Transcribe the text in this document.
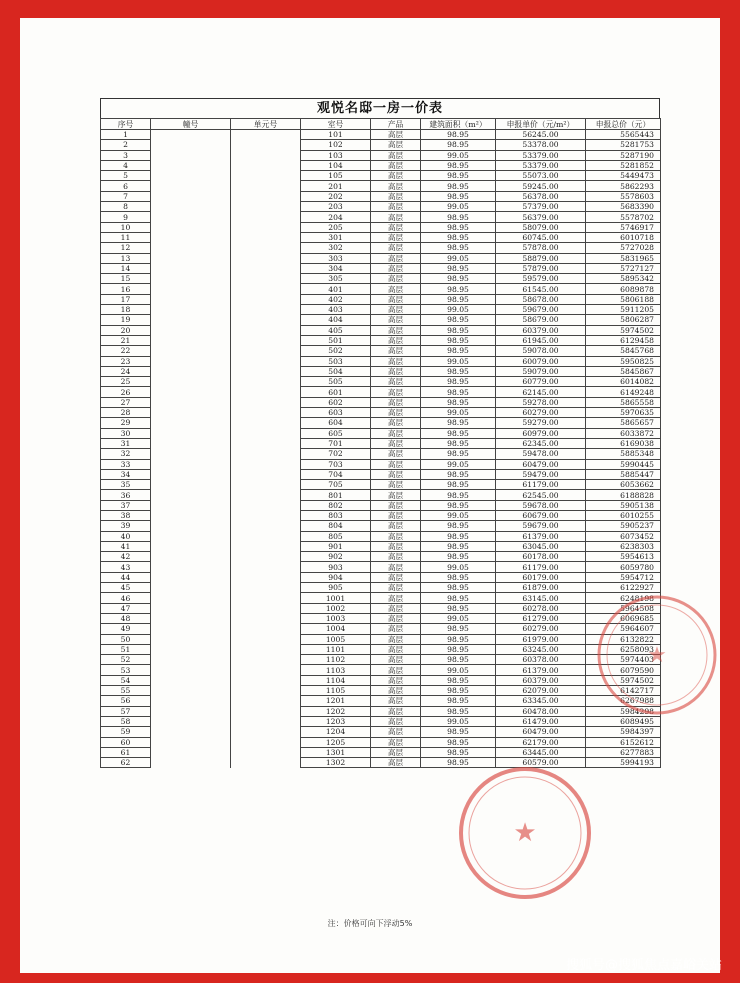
观悦名邸一房一价表
序号	幢号	单元号	室号	产品	建筑面积（m²）	申报单价（元/m²）	申报总价（元）
1			101	高层	98.95	56245.00	5565443
2			102	高层	98.95	53378.00	5281753
3			103	高层	99.05	53379.00	5287190
4			104	高层	98.95	53379.00	5281852
5			105	高层	98.95	55073.00	5449473
6			201	高层	98.95	59245.00	5862293
7			202	高层	98.95	56378.00	5578603
8			203	高层	99.05	57379.00	5683390
9			204	高层	98.95	56379.00	5578702
10			205	高层	98.95	58079.00	5746917
11			301	高层	98.95	60745.00	6010718
12			302	高层	98.95	57878.00	5727028
13			303	高层	99.05	58879.00	5831965
14			304	高层	98.95	57879.00	5727127
15			305	高层	98.95	59579.00	5895342
16			401	高层	98.95	61545.00	6089878
17			402	高层	98.95	58678.00	5806188
18			403	高层	99.05	59679.00	5911205
19			404	高层	98.95	58679.00	5806287
20			405	高层	98.95	60379.00	5974502
21			501	高层	98.95	61945.00	6129458
22			502	高层	98.95	59078.00	5845768
23			503	高层	99.05	60079.00	5950825
24			504	高层	98.95	59079.00	5845867
25			505	高层	98.95	60779.00	6014082
26			601	高层	98.95	62145.00	6149248
27			602	高层	98.95	59278.00	5865558
28			603	高层	99.05	60279.00	5970635
29			604	高层	98.95	59279.00	5865657
30			605	高层	98.95	60979.00	6033872
31			701	高层	98.95	62345.00	6169038
32			702	高层	98.95	59478.00	5885348
33			703	高层	99.05	60479.00	5990445
34			704	高层	98.95	59479.00	5885447
35			705	高层	98.95	61179.00	6053662
36			801	高层	98.95	62545.00	6188828
37			802	高层	98.95	59678.00	5905138
38			803	高层	99.05	60679.00	6010255
39			804	高层	98.95	59679.00	5905237
40			805	高层	98.95	61379.00	6073452
41			901	高层	98.95	63045.00	6238303
42			902	高层	98.95	60178.00	5954613
43			903	高层	99.05	61179.00	6059780
44			904	高层	98.95	60179.00	5954712
45			905	高层	98.95	61879.00	6122927
46			1001	高层	98.95	63145.00	6248198
47			1002	高层	98.95	60278.00	5964508
48			1003	高层	99.05	61279.00	6069685
49			1004	高层	98.95	60279.00	5964607
50			1005	高层	98.95	61979.00	6132822
51			1101	高层	98.95	63245.00	6258093
52			1102	高层	98.95	60378.00	5974403
53			1103	高层	99.05	61379.00	6079590
54			1104	高层	98.95	60379.00	5974502
55			1105	高层	98.95	62079.00	6142717
56			1201	高层	98.95	63345.00	6267988
57			1202	高层	98.95	60478.00	5984298
58			1203	高层	99.05	61479.00	6089495
59			1204	高层	98.95	60479.00	5984397
60			1205	高层	98.95	62179.00	6152612
61			1301	高层	98.95	63445.00	6277883
62			1302	高层	98.95	60579.00	5994193
★
★
注：价格可向下浮动5%
搜狐号@搜狐焦点嘉峪关站
